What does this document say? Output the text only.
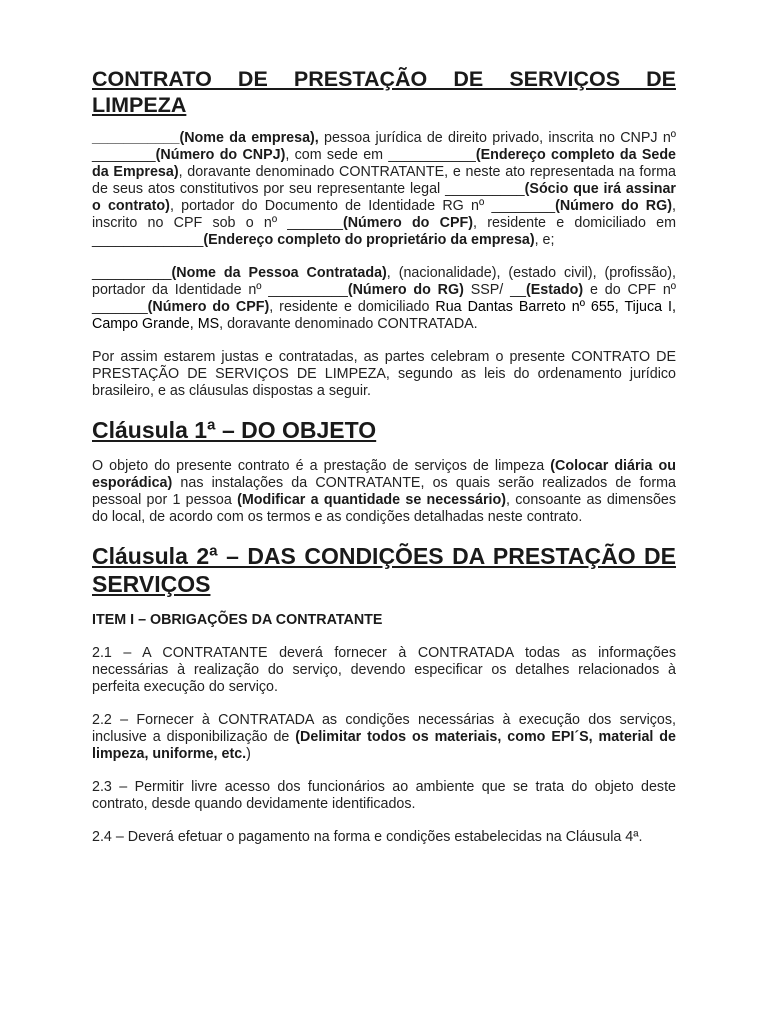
CONTRATO DE PRESTAÇÃO DE SERVIÇOS DE
LIMPEZA

___________(Nome da empresa), pessoa jurídica de direito privado, inscrita no CNPJ nº ________(Número do CNPJ), com sede em ___________(Endereço completo da Sede da Empresa), doravante denominado CONTRATANTE, e neste ato representada na forma de seus atos constitutivos por seu representante legal __________(Sócio que irá assinar o contrato), portador do Documento de Identidade RG nº ________(Número do RG), inscrito no CPF sob o nº _______(Número do CPF), residente e domiciliado em ______________(Endereço completo do proprietário da empresa), e;

__________(Nome da Pessoa Contratada), (nacionalidade), (estado civil), (profissão), portador da Identidade nº __________(Número do RG) SSP/ __(Estado) e do CPF nº _______(Número do CPF), residente e domiciliado Rua Dantas Barreto nº 655, Tijuca I, Campo Grande, MS, doravante denominado CONTRATADA.

Por assim estarem justas e contratadas, as partes celebram o presente CONTRATO DE PRESTAÇÃO DE SERVIÇOS DE LIMPEZA, segundo as leis do ordenamento jurídico brasileiro, e as cláusulas dispostas a seguir.

Cláusula 1ª – DO OBJETO

O objeto do presente contrato é a prestação de serviços de limpeza (Colocar diária ou esporádica) nas instalações da CONTRATANTE, os quais serão realizados de forma pessoal por 1 pessoa (Modificar a quantidade se necessário), consoante as dimensões do local, de acordo com os termos e as condições detalhadas neste contrato.

Cláusula 2ª – DAS CONDIÇÕES DA PRESTAÇÃO DE SERVIÇOS
ITEM I – OBRIGAÇÕES DA CONTRATANTE

2.1 – A CONTRATANTE deverá fornecer à CONTRATADA todas as informações necessárias à realização do serviço, devendo especificar os detalhes relacionados à perfeita execução do serviço.

2.2 – Fornecer à CONTRATADA as condições necessárias à execução dos serviços, inclusive a disponibilização de (Delimitar todos os materiais, como EPI´S, material de limpeza, uniforme, etc.)

2.3 – Permitir livre acesso dos funcionários ao ambiente que se trata do objeto deste contrato, desde quando devidamente identificados.

2.4 – Deverá efetuar o pagamento na forma e condições estabelecidas na Cláusula 4ª.
